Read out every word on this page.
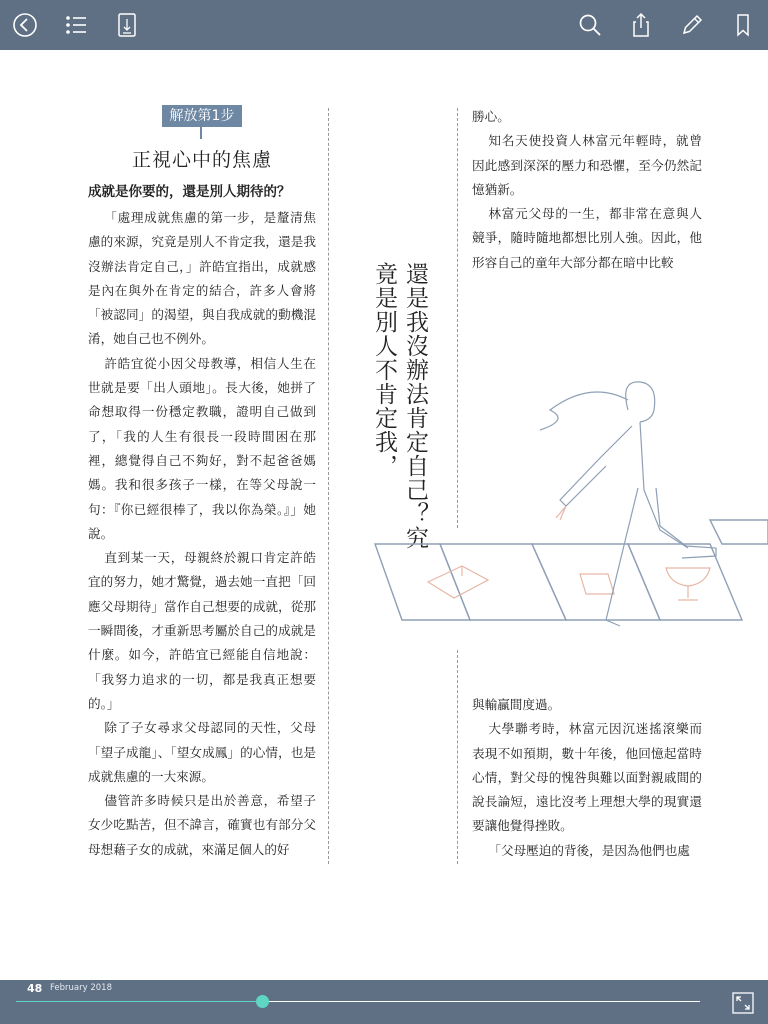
解放第1步
正視心中的焦慮
成就是你要的，還是別人期待的？

「處理成就焦慮的第一步，是釐清焦慮的來源，究竟是別人不肯定我，還是我沒辦法肯定自己，」許皓宜指出，成就感是內在與外在肯定的結合，許多人會將「被認同」的渴望，與自我成就的動機混淆，她自己也不例外。

許皓宜從小因父母教導，相信人生在世就是要「出人頭地」。長大後，她拼了命想取得一份穩定教職，證明自己做到了，「我的人生有很長一段時間困在那裡，總覺得自己不夠好，對不起爸爸媽媽。我和很多孩子一樣，在等父母說一句：『你已經很棒了，我以你為榮。』」她說。

直到某一天，母親終於親口肯定許皓宜的努力，她才驚覺，過去她一直把「回應父母期待」當作自己想要的成就，從那一瞬間後，才重新思考屬於自己的成就是什麼。如今，許皓宜已經能自信地說：「我努力追求的一切，都是我真正想要的。」

除了子女尋求父母認同的天性，父母「望子成龍」、「望女成鳳」的心情，也是成就焦慮的一大來源。

儘管許多時候只是出於善意，希望子女少吃點苦，但不諱言，確實也有部分父母想藉子女的成就，來滿足個人的好

還是我沒辦法肯定自己？究竟是別人不肯定我，

勝心。

知名天使投資人林富元年輕時，就曾因此感到深深的壓力和恐懼，至今仍然記憶猶新。

林富元父母的一生，都非常在意與人競爭，隨時隨地都想比別人強。因此，他形容自己的童年大部分都在暗中比較

與輸贏間度過。

大學聯考時，林富元因沉迷搖滾樂而表現不如預期，數十年後，他回憶起當時心情，對父母的愧咎與難以面對親戚間的說長論短，遠比沒考上理想大學的現實還要讓他覺得挫敗。

「父母壓迫的背後，是因為他們也處

48 February 2018
